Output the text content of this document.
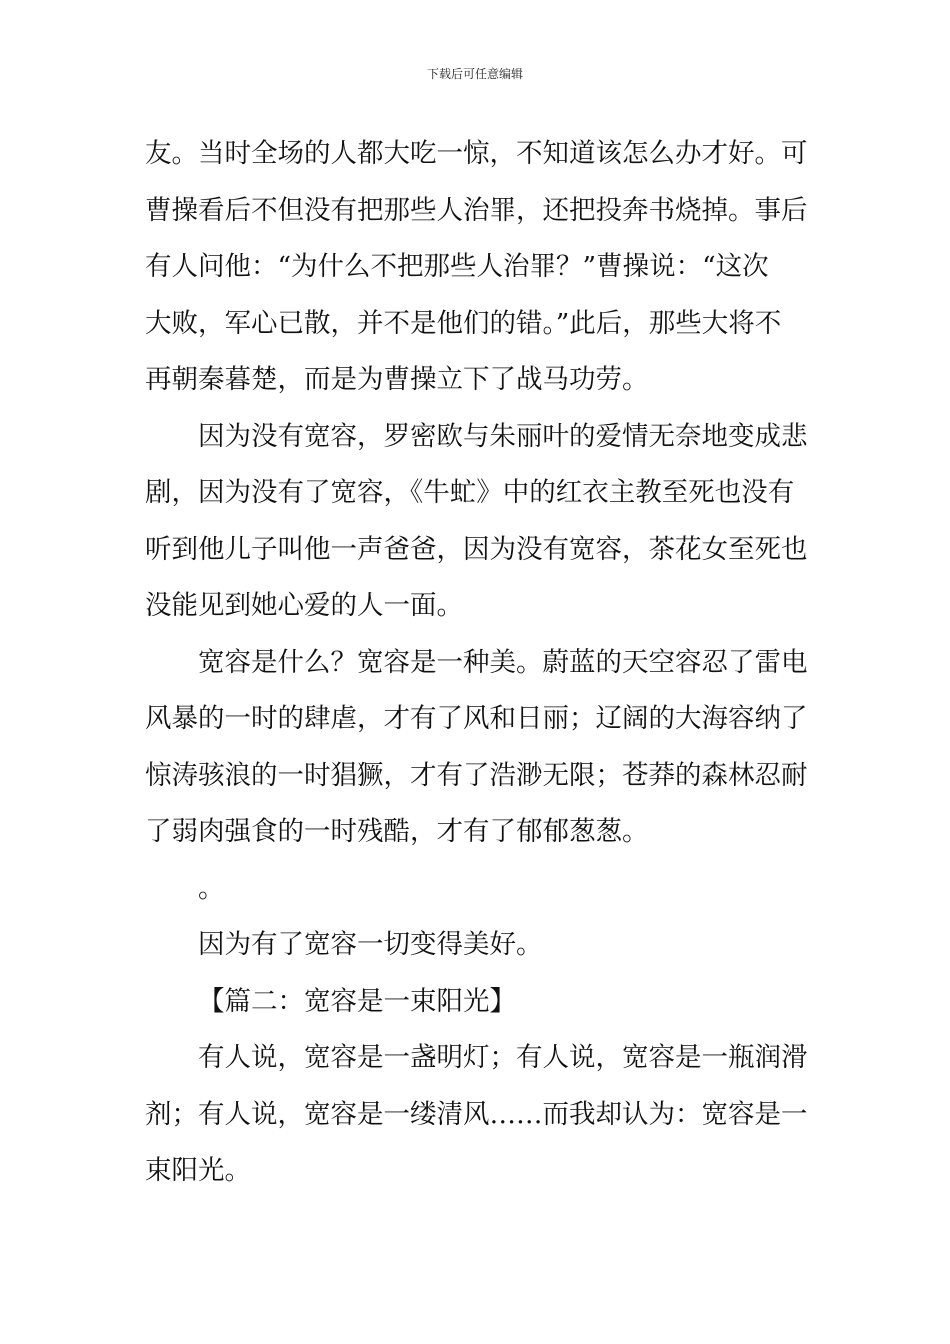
下载后可任意编辑
友。当时全场的人都大吃一惊，不知道该怎么办才好。可
曹操看后不但没有把那些人治罪，还把投奔书烧掉。事后
有人问他：“为什么不把那些人治罪？”曹操说：“这次
大败，军心已散，并不是他们的错。”此后，那些大将不
再朝秦暮楚，而是为曹操立下了战马功劳。
因为没有宽容，罗密欧与朱丽叶的爱情无奈地变成悲
剧，因为没有了宽容，《牛虻》中的红衣主教至死也没有
听到他儿子叫他一声爸爸，因为没有宽容，茶花女至死也
没能见到她心爱的人一面。
宽容是什么？宽容是一种美。蔚蓝的天空容忍了雷电
风暴的一时的肆虐，才有了风和日丽；辽阔的大海容纳了
惊涛骇浪的一时猖獗，才有了浩渺无限；苍莽的森林忍耐
了弱肉强食的一时残酷，才有了郁郁葱葱。
。
因为有了宽容一切变得美好。
【篇二：宽容是一束阳光】
有人说，宽容是一盏明灯；有人说，宽容是一瓶润滑
剂；有人说，宽容是一缕清风……而我却认为：宽容是一
束阳光。
